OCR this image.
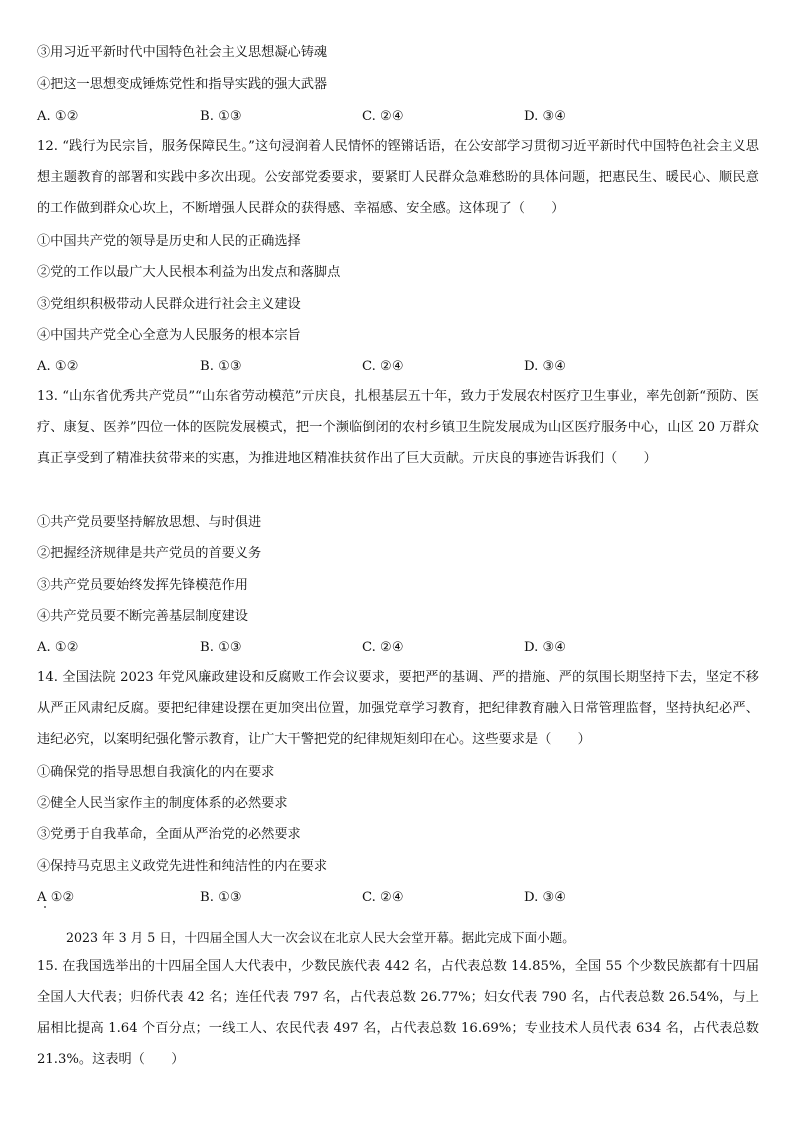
③用习近平新时代中国特色社会主义思想凝心铸魂
④把这一思想变成锤炼党性和指导实践的强大武器
A. ①②	B. ①③	C. ②④	D. ③④
12. “践行为民宗旨，服务保障民生。”这句浸润着人民情怀的铿锵话语，在公安部学习贯彻习近平新时代中国特色社会主义思想主题教育的部署和实践中多次出现。公安部党委要求，要紧盯人民群众急难愁盼的具体问题，把惠民生、暖民心、顺民意的工作做到群众心坎上，不断增强人民群众的获得感、幸福感、安全感。这体现了（　　）
①中国共产党的领导是历史和人民的正确选择
②党的工作以最广大人民根本利益为出发点和落脚点
③党组织积极带动人民群众进行社会主义建设
④中国共产党全心全意为人民服务的根本宗旨
A. ①②	B. ①③	C. ②④	D. ③④
13. “山东省优秀共产党员”“山东省劳动模范”亓庆良，扎根基层五十年，致力于发展农村医疗卫生事业，率先创新“预防、医疗、康复、医养”四位一体的医院发展模式，把一个濒临倒闭的农村乡镇卫生院发展成为山区医疗服务中心，山区 20 万群众真正享受到了精准扶贫带来的实惠，为推进地区精准扶贫作出了巨大贡献。亓庆良的事迹告诉我们（　　）
①共产党员要坚持解放思想、与时俱进
②把握经济规律是共产党员的首要义务
③共产党员要始终发挥先锋模范作用
④共产党员要不断完善基层制度建设
A. ①②	B. ①③	C. ②④	D. ③④
14. 全国法院 2023 年党风廉政建设和反腐败工作会议要求，要把严的基调、严的措施、严的氛围长期坚持下去，坚定不移从严正风肃纪反腐。要把纪律建设摆在更加突出位置，加强党章学习教育，把纪律教育融入日常管理监督，坚持执纪必严、违纪必究，以案明纪强化警示教育，让广大干警把党的纪律规矩刻印在心。这些要求是（　　）
①确保党的指导思想自我演化的内在要求
②健全人民当家作主的制度体系的必然要求
③党勇于自我革命，全面从严治党的必然要求
④保持马克思主义政党先进性和纯洁性的内在要求
A ①②	B. ①③	C. ②④	D. ③④
2023 年 3 月 5 日，十四届全国人大一次会议在北京人民大会堂开幕。据此完成下面小题。
15. 在我国选举出的十四届全国人大代表中，少数民族代表 442 名，占代表总数 14.85%，全国 55 个少数民族都有十四届全国人大代表；归侨代表 42 名；连任代表 797 名，占代表总数 26.77%；妇女代表 790 名，占代表总数 26.54%，与上届相比提高 1.64 个百分点；一线工人、农民代表 497 名，占代表总数 16.69%；专业技术人员代表 634 名，占代表总数 21.3%。这表明（　　）
